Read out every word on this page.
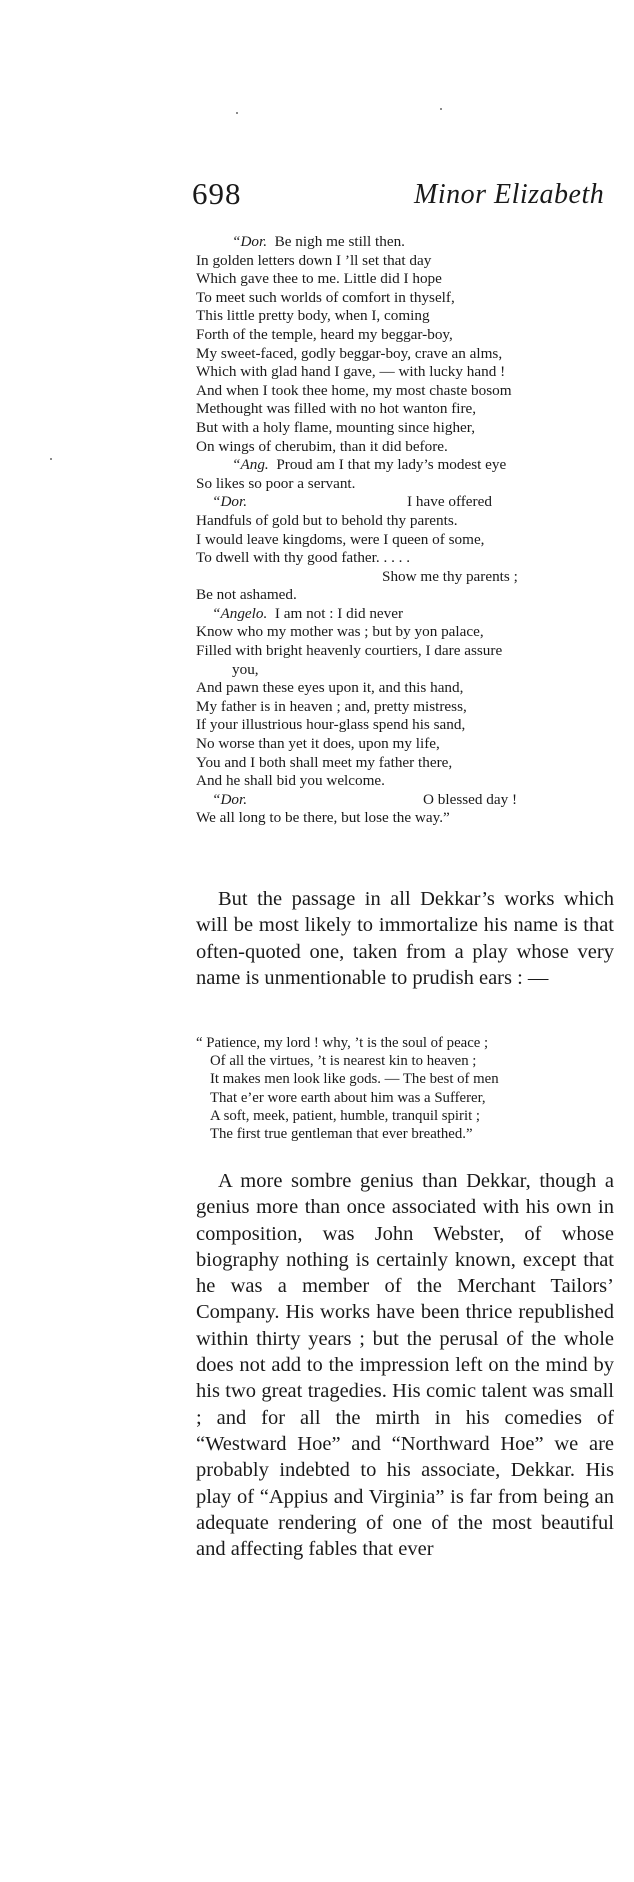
698	Minor Elizabeth
“Dor. Be nigh me still then.
In golden letters down I ’ll set that day
Which gave thee to me. Little did I hope
To meet such worlds of comfort in thyself,
This little pretty body, when I, coming
Forth of the temple, heard my beggar-boy,
My sweet-faced, godly beggar-boy, crave an alms,
Which with glad hand I gave, — with lucky hand !
And when I took thee home, my most chaste bosom
Methought was filled with no hot wanton fire,
But with a holy flame, mounting since higher,
On wings of cherubim, than it did before.
“Ang. Proud am I that my lady’s modest eye
So likes so poor a servant.
“Dor.	I have offered
Handfuls of gold but to behold thy parents.
I would leave kingdoms, were I queen of some,
To dwell with thy good father. . . . .
Show me thy parents ;
Be not ashamed.
“Angelo. I am not : I did never
Know who my mother was ; but by yon palace,
Filled with bright heavenly courtiers, I dare assure
you,
And pawn these eyes upon it, and this hand,
My father is in heaven ; and, pretty mistress,
If your illustrious hour-glass spend his sand,
No worse than yet it does, upon my life,
You and I both shall meet my father there,
And he shall bid you welcome.
“Dor.	O blessed day !
We all long to be there, but lose the way.”

But the passage in all Dekkar’s works which will be most likely to immortalize his name is that often-quoted one, taken from a play whose very name is unmentionable to prudish ears : —

“ Patience, my lord ! why, ’t is the soul of peace ;
Of all the virtues, ’t is nearest kin to heaven ;
It makes men look like gods. — The best of men
That e’er wore earth about him was a Sufferer,
A soft, meek, patient, humble, tranquil spirit ;
The first true gentleman that ever breathed.”

A more sombre genius than Dekkar, though a genius more than once associated with his own in composition, was John Webster, of whose biography nothing is certainly known, except that he was a member of the Merchant Tailors’ Company. His works have been thrice republished within thirty years ; but the perusal of the whole does not add to the impression left on the mind by his two great tragedies. His comic talent was small ; and for all the mirth in his comedies of “Westward Hoe” and “Northward Hoe” we are probably indebted to his associate, Dekkar. His play of “Appius and Virginia” is far from being an adequate rendering of one of the most beautiful and affecting fables that ever
